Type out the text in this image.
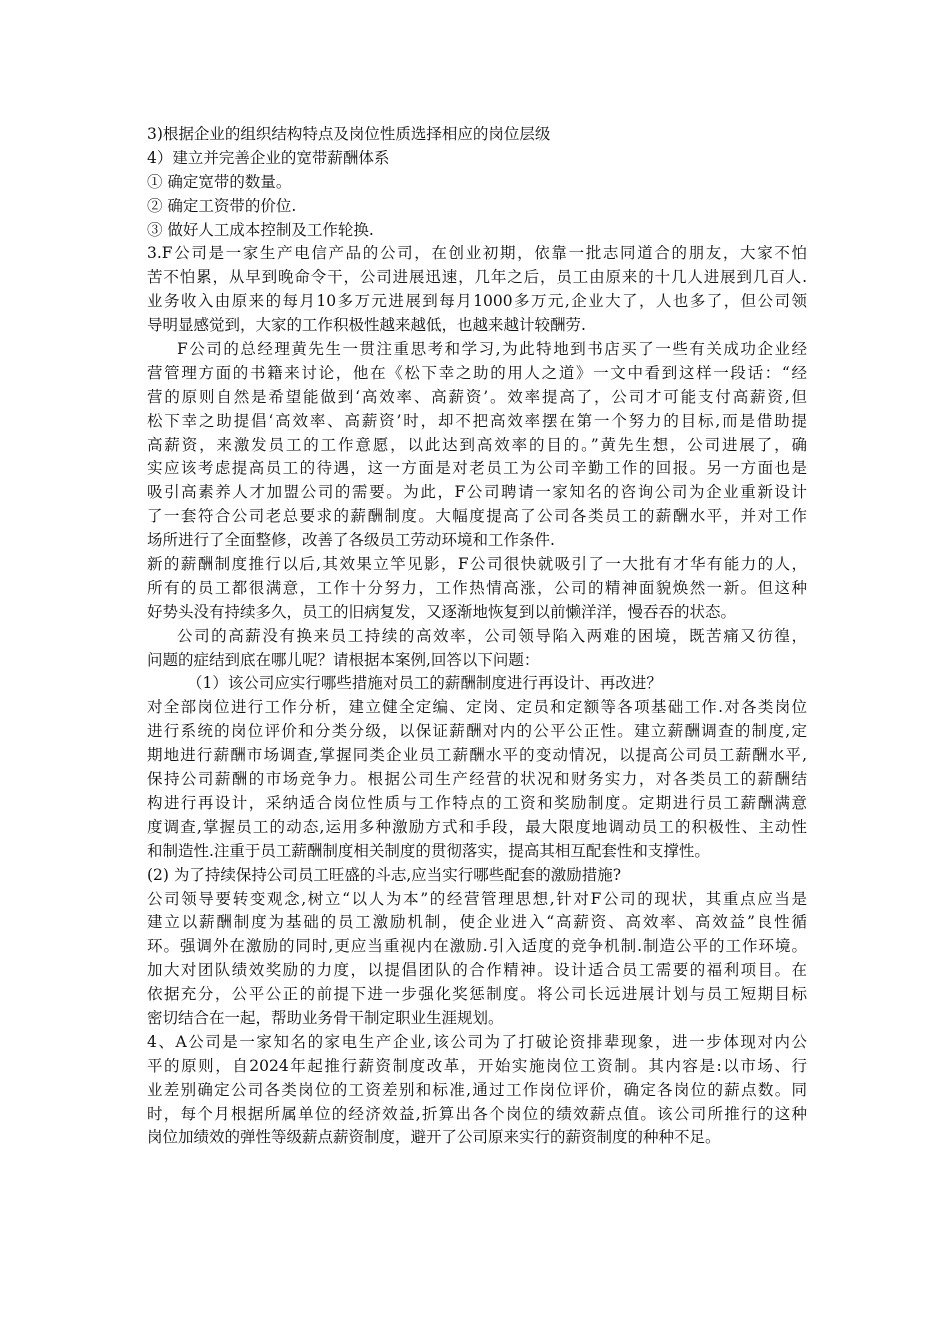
3)根据企业的组织结构特点及岗位性质选择相应的岗位层级
4）建立并完善企业的宽带薪酬体系
① 确定宽带的数量。
② 确定工资带的价位.
③ 做好人工成本控制及工作轮换.
3.F公司是一家生产电信产品的公司，在创业初期，依靠一批志同道合的朋友，大家不怕
苦不怕累，从早到晚命令干，公司进展迅速，几年之后，员工由原来的十几人进展到几百人.
业务收入由原来的每月10多万元进展到每月1000多万元,企业大了，人也多了，但公司领
导明显感觉到，大家的工作积极性越来越低，也越来越计较酬劳.
F公司的总经理黄先生一贯注重思考和学习,为此特地到书店买了一些有关成功企业经
营管理方面的书籍来讨论，他在《松下幸之助的用人之道》一文中看到这样一段话：“经
营的原则自然是希望能做到‘高效率、高薪资’。效率提高了，公司才可能支付高薪资,但
松下幸之助提倡‘高效率、高薪资’时，却不把高效率摆在第一个努力的目标,而是借助提
高薪资，来激发员工的工作意愿，以此达到高效率的目的。”黄先生想，公司进展了，确
实应该考虑提高员工的待遇，这一方面是对老员工为公司辛勤工作的回报。另一方面也是
吸引高素养人才加盟公司的需要。为此，F公司聘请一家知名的咨询公司为企业重新设计
了一套符合公司老总要求的薪酬制度。大幅度提高了公司各类员工的薪酬水平，并对工作
场所进行了全面整修，改善了各级员工劳动环境和工作条件.
新的薪酬制度推行以后,其效果立竿见影，F公司很快就吸引了一大批有才华有能力的人，
所有的员工都很满意，工作十分努力，工作热情高涨，公司的精神面貌焕然一新。但这种
好势头没有持续多久，员工的旧病复发，又逐渐地恢复到以前懒洋洋，慢吞吞的状态。
公司的高薪没有换来员工持续的高效率，公司领导陷入两难的困境，既苦痛又彷徨，
问题的症结到底在哪儿呢？请根据本案例,回答以下问题：
（1）该公司应实行哪些措施对员工的薪酬制度进行再设计、再改进？
对全部岗位进行工作分析，建立健全定编、定岗、定员和定额等各项基础工作.对各类岗位
进行系统的岗位评价和分类分级，以保证薪酬对内的公平公正性。建立薪酬调查的制度,定
期地进行薪酬市场调查,掌握同类企业员工薪酬水平的变动情况，以提高公司员工薪酬水平,
保持公司薪酬的市场竞争力。根据公司生产经营的状况和财务实力，对各类员工的薪酬结
构进行再设计，采纳适合岗位性质与工作特点的工资和奖励制度。定期进行员工薪酬满意
度调查,掌握员工的动态,运用多种激励方式和手段，最大限度地调动员工的积极性、主动性
和制造性.注重于员工薪酬制度相关制度的贯彻落实，提高其相互配套性和支撑性。
(2) 为了持续保持公司员工旺盛的斗志,应当实行哪些配套的激励措施?
公司领导要转变观念,树立“以人为本”的经营管理思想,针对F公司的现状，其重点应当是
建立以薪酬制度为基础的员工激励机制，使企业进入“高薪资、高效率、高效益”良性循
环。强调外在激励的同时,更应当重视内在激励.引入适度的竞争机制.制造公平的工作环境。
加大对团队绩效奖励的力度，以提倡团队的合作精神。设计适合员工需要的福利项目。在
依据充分，公平公正的前提下进一步强化奖惩制度。将公司长远进展计划与员工短期目标
密切结合在一起，帮助业务骨干制定职业生涯规划。
4、A公司是一家知名的家电生产企业,该公司为了打破论资排辈现象，进一步体现对内公
平的原则，自2024年起推行薪资制度改革，开始实施岗位工资制。其内容是:以市场、行
业差别确定公司各类岗位的工资差别和标准,通过工作岗位评价，确定各岗位的薪点数。同
时，每个月根据所属单位的经济效益,折算出各个岗位的绩效薪点值。该公司所推行的这种
岗位加绩效的弹性等级薪点薪资制度，避开了公司原来实行的薪资制度的种种不足。
